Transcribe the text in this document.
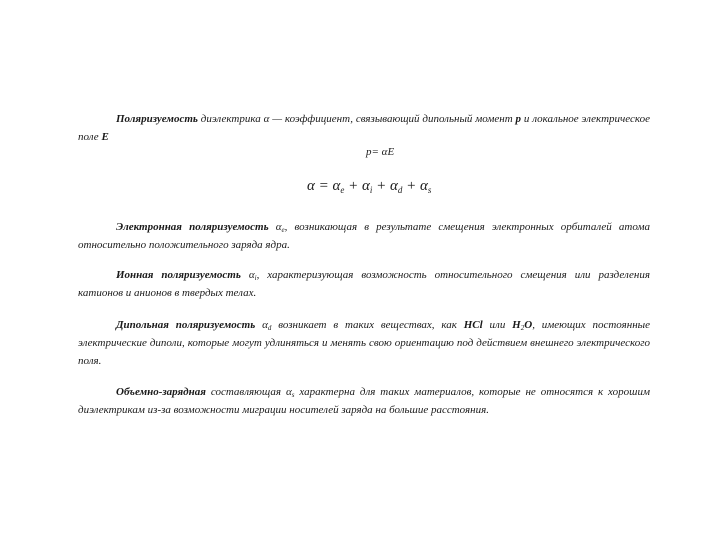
Поляризуемость диэлектрика α — коэффициент, связывающий дипольный момент p и локальное электрическое поле E

p= αE

$\alpha = \alpha_e + \alpha_i + \alpha_d + \alpha_s$

Электронная поляризуемость $\alpha_e$, возникающая в результате смещения электронных орбиталей атома относительно положительного заряда ядра.

Ионная поляризуемость $\alpha_i$, характеризующая возможность относительного смещения или разделения катионов и анионов в твердых телах.

Дипольная поляризуемость $\alpha_d$ возникает в таких веществах, как HCl или $H_2O$, имеющих постоянные электрические диполи, которые могут удлиняться и менять свою ориентацию под действием внешнего электрического поля.

Объемно-зарядная составляющая $\alpha_s$ характерна для таких материалов, которые не относятся к хорошим диэлектрикам из-за возможности миграции носителей заряда на большие расстояния.
